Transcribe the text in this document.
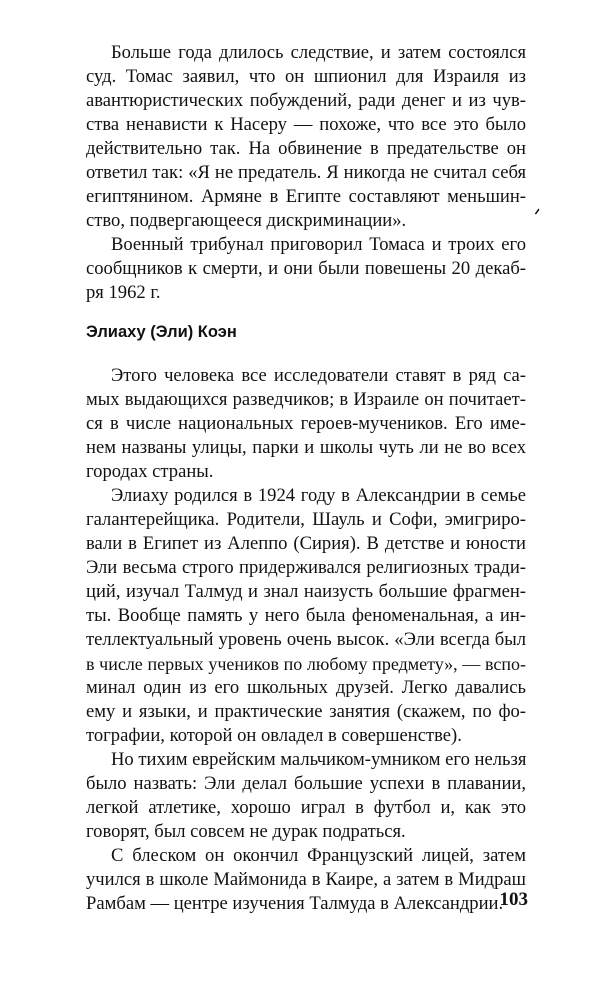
Больше года длилось следствие, и затем состоялся
суд. Томас заявил, что он шпионил для Израиля из
авантюристических побуждений, ради денег и из чув-
ства ненависти к Насеру — похоже, что все это было
действительно так. На обвинение в предательстве он
ответил так: «Я не предатель. Я никогда не считал себя
египтянином. Армяне в Египте составляют меньшин-
ство, подвергающееся дискриминации».

Военный трибунал приговорил Томаса и троих его
сообщников к смерти, и они были повешены 20 декаб-
ря 1962 г.

Элиаху (Эли) Коэн

Этого человека все исследователи ставят в ряд са-
мых выдающихся разведчиков; в Израиле он почитает-
ся в числе национальных героев-мучеников. Его име-
нем названы улицы, парки и школы чуть ли не во всех
городах страны.

Элиаху родился в 1924 году в Александрии в семье
галантерейщика. Родители, Шауль и Софи, эмигриро-
вали в Египет из Алеппо (Сирия). В детстве и юности
Эли весьма строго придерживался религиозных тради-
ций, изучал Талмуд и знал наизусть большие фрагмен-
ты. Вообще память у него была феноменальная, а ин-
теллектуальный уровень очень высок. «Эли всегда был
в числе первых учеников по любому предмету», — вспо-
минал один из его школьных друзей. Легко давались
ему и языки, и практические занятия (скажем, по фо-
тографии, которой он овладел в совершенстве).

Но тихим еврейским мальчиком-умником его нельзя
было назвать: Эли делал большие успехи в плавании,
легкой атлетике, хорошо играл в футбол и, как это
говорят, был совсем не дурак подраться.

С блеском он окончил Французский лицей, затем
учился в школе Маймонида в Каире, а затем в Мидраш
Рамбам — центре изучения Талмуда в Александрии.

103
